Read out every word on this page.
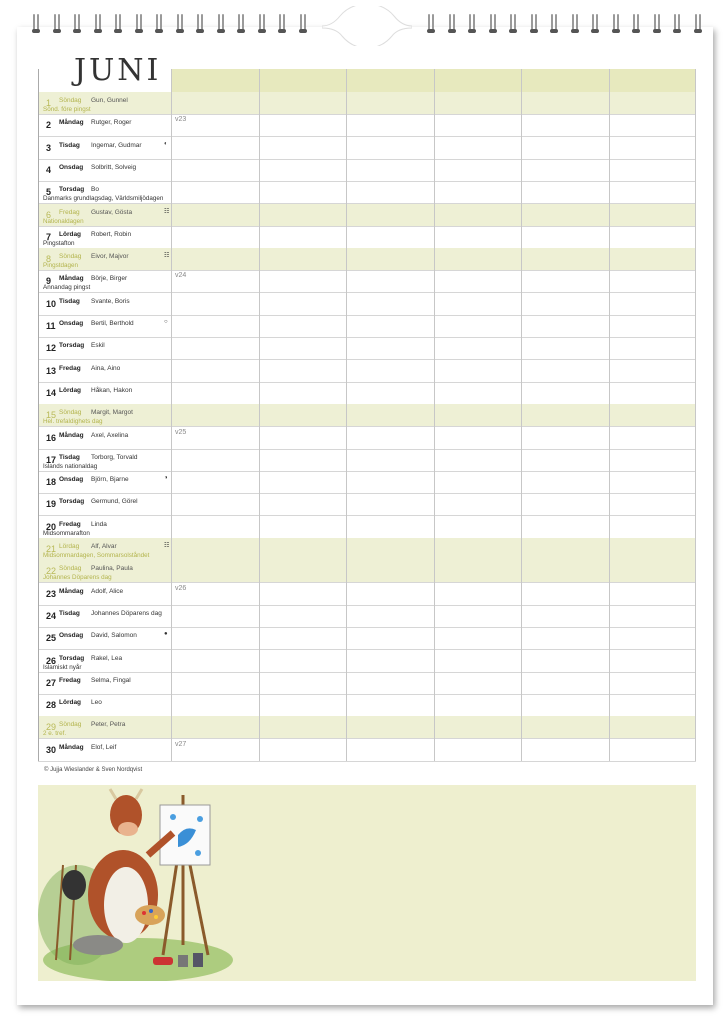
JUNI
1 Söndag Gun, Gunnel
Sönd. före pingst
2 Måndag Rutger, Roger	v23
3 Tisdag Ingemar, Gudmar	◐
4 Onsdag Solbritt, Solveig
5 Torsdag Bo
Danmarks grundlagsdag, Världsmiljödagen
6 Fredag Gustav, Gösta
Nationaldagen
☷
7 Lördag Robert, Robin
Pingstafton
8 Söndag Eivor, Majvor
Pingstdagen
☷
9 Måndag Börje, Birger
Annandag pingst
v24
10 Tisdag Svante, Boris
11 Onsdag Bertil, Berthold	○
12 Torsdag Eskil
13 Fredag Aina, Aino
14 Lördag Håkan, Hakon
15 Söndag Margit, Margot
Hel. trefaldighets dag
16 Måndag Axel, Axelina	v25
17 Tisdag Torborg, Torvald
Islands nationaldag
18 Onsdag Björn, Bjarne	◑
19 Torsdag Germund, Görel
20 Fredag Linda
Midsommarafton
21 Lördag Alf, Alvar
Midsommardagen, Sommarsolståndet
☷
22 Söndag Paulina, Paula
Johannes Döparens dag
23 Måndag Adolf, Alice	v26
24 Tisdag Johannes Döparens dag
25 Onsdag David, Salomon	●
26 Torsdag Rakel, Lea
Islamiskt nyår
27 Fredag Selma, Fingal
28 Lördag Leo
29 Söndag Peter, Petra
2 e. tref.
30 Måndag Elof, Leif	v27
© Jujja Wieslander & Sven Nordqvist
